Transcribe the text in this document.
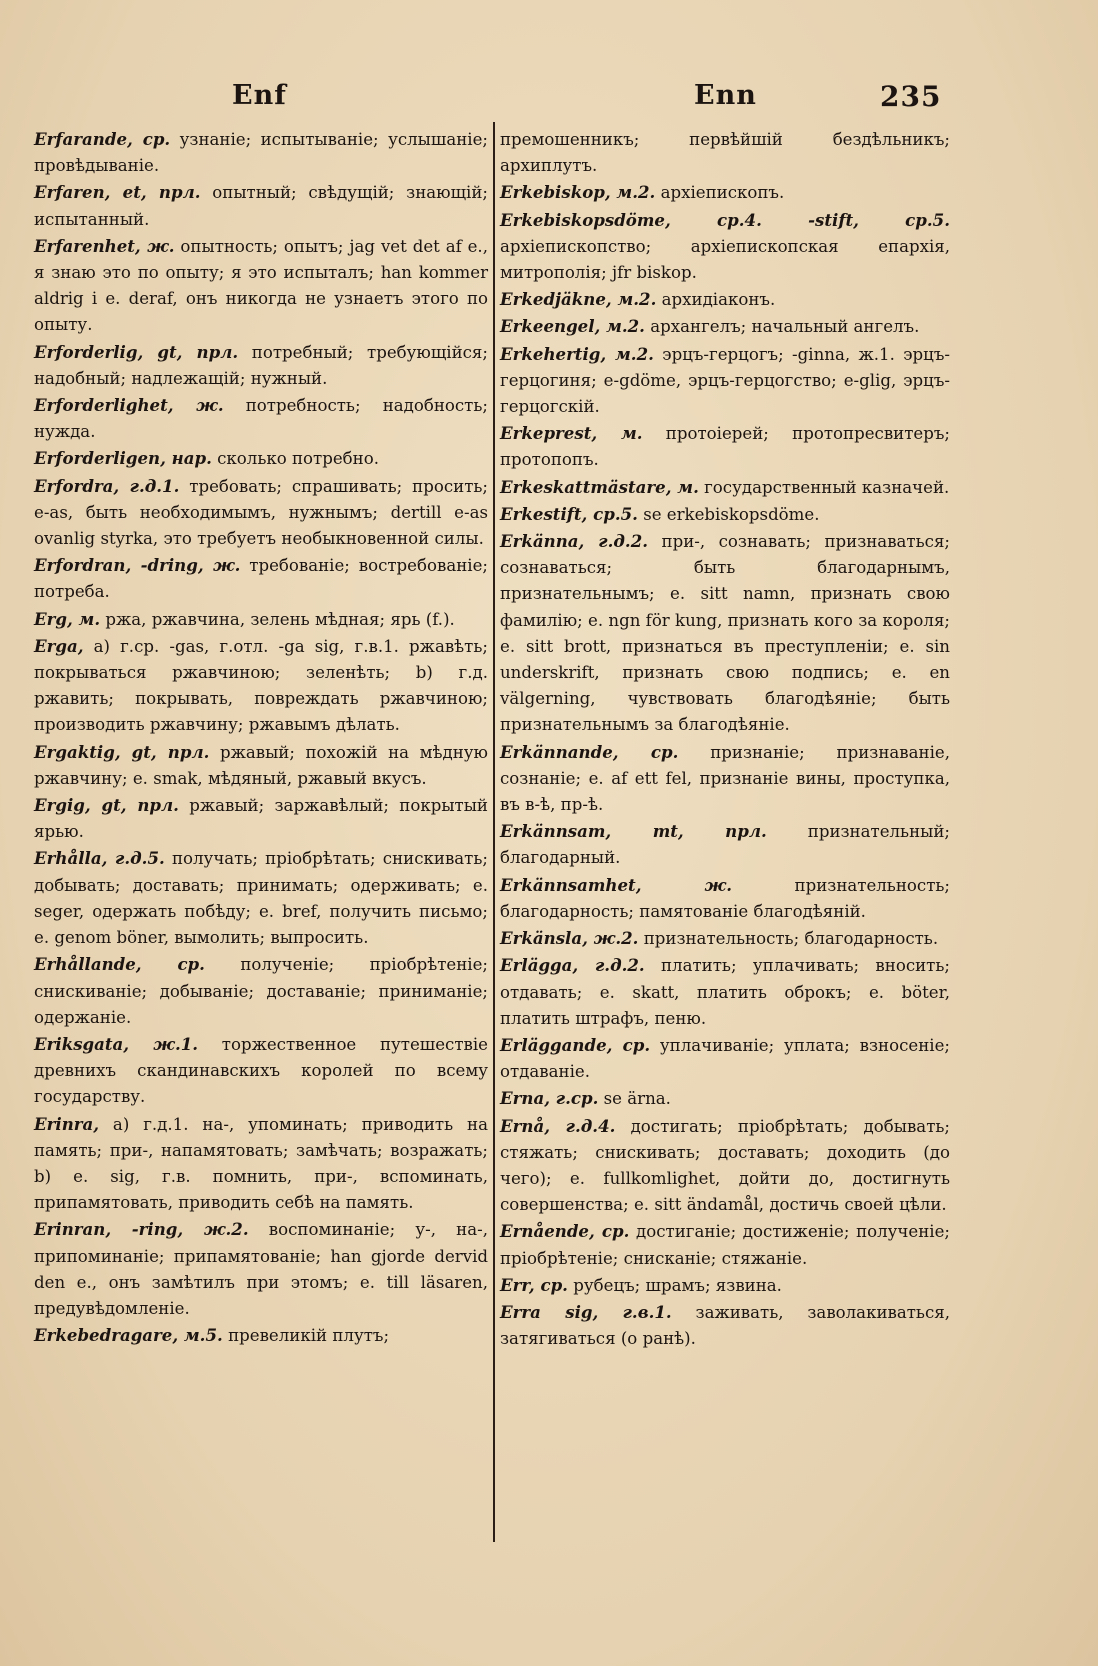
Enf	Enn	235

Erfarande, ср. узнаніе; испытываніе; услышаніе; провѣдываніе.

Erfaren, et, прл. опытный; свѣдущій; знающій; испытанный.

Erfarenhet, ж. опытность; опытъ; jag vet det af e., я знаю это по опыту; я это испыталъ; han kommer aldrig i e. deraf, онъ никогда не узнаетъ этого по опыту.

Erforderlig, gt, прл. потребный; требующійся; надобный; надлежащій; нужный.

Erforderlighet, ж. потребность; надобность; нужда.

Erforderligen, нар. сколько потребно.

Erfordra, г.д.1. требовать; спрашивать; просить; e-as, быть необходимымъ, нужнымъ; dertill e-as ovanlig styrka, это требуетъ необыкновенной силы.

Erfordran, -dring, ж. требованіе; востребованіе; потреба.

Erg, м. ржа, ржавчина, зелень мѣдная; ярь (f.).

Erga, а) г.ср. -gas, г.отл. -ga sig, г.в.1. ржавѣть; покрываться ржавчиною; зеленѣть; b) г.д. ржавить; покрывать, повреждать ржавчиною; производить ржавчину; ржавымъ дѣлать.

Ergaktig, gt, прл. ржавый; похожій на мѣдную ржавчину; e. smak, мѣдяный, ржавый вкусъ.

Ergig, gt, прл. ржавый; заржавѣлый; покрытый ярью.

Erhålla, г.д.5. получать; пріобрѣтать; снискивать; добывать; доставать; принимать; одерживать; e. seger, одержать побѣду; e. bref, получить письмо; e. genom böner, вымолить; выпросить.

Erhållande, ср. полученіе; пріобрѣтеніе; снискиваніе; добываніе; доставаніе; приниманіе; одержаніе.

Eriksgata, ж.1. торжественное путешествіе древнихъ скандинавскихъ королей по всему государству.

Erinra, а) г.д.1. на-, упоминать; приводить на память; при-, напамятовать; замѣчать; возражать; b) e. sig, г.в. помнить, при-, вспоминать, припамятовать, приводить себѣ на память.

Erinran, -ring, ж.2. воспоминаніе; у-, на-, припоминаніе; припамятованіе; han gjorde dervid den e., онъ замѣтилъ при этомъ; e. till läsaren, предувѣдомленіе.

Erkebedragare, м.5. превеликій плутъ;

премошенникъ; первѣйшій бездѣльникъ; архиплутъ.

Erkebiskop, м.2. архіепископъ.

Erkebiskopsdöme, ср.4. -stift, ср.5. архіепископство; архіепископская епархія, митрополія; jfr biskop.

Erkedjäkne, м.2. архидіаконъ.

Erkeengel, м.2. архангелъ; начальный ангелъ.

Erkehertig, м.2. эрцъ-герцогъ; -ginna, ж.1. эрцъ-герцогиня; e-gdöme, эрцъ-герцогство; e-glig, эрцъ-герцогскій.

Erkeprest, м. протоіерей; протопресвитеръ; протопопъ.

Erkeskattmästare, м. государственный казначей.

Erkestift, ср.5. se erkebiskopsdöme.

Erkänna, г.д.2. при-, сознавать; признаваться; сознаваться; быть благодарнымъ, признательнымъ; e. sitt namn, признать свою фамилію; e. ngn för kung, признать кого за короля; e. sitt brott, признаться въ преступленіи; e. sin underskrift, признать свою подпись; e. en välgerning, чувствовать благодѣяніе; быть признательнымъ за благодѣяніе.

Erkännande, ср. признаніе; признаваніе, сознаніе; e. af ett fel, признаніе вины, проступка, въ в-ѣ, пр-ѣ.

Erkännsam, mt, прл. признательный; благодарный.

Erkännsamhet, ж. признательность; благодарность; памятованіе благодѣяній.

Erkänsla, ж.2. признательность; благодарность.

Erlägga, г.д.2. платить; уплачивать; вносить; отдавать; e. skatt, платить оброкъ; e. böter, платить штрафъ, пеню.

Erläggande, ср. уплачиваніе; уплата; взносеніе; отдаваніе.

Erna, г.ср. se ärna.

Ernå, г.д.4. достигать; пріобрѣтать; добывать; стяжать; снискивать; доставать; доходить (до чего); e. fullkomlighet, дойти до, достигнуть совершенства; e. sitt ändamål, достичь своей цѣли.

Ernående, ср. достиганіе; достиженіе; полученіе; пріобрѣтеніе; снисканіе; стяжаніе.

Err, ср. рубецъ; шрамъ; язвина.

Erra sig, г.в.1. заживать, заволакиваться, затягиваться (о ранѣ).
